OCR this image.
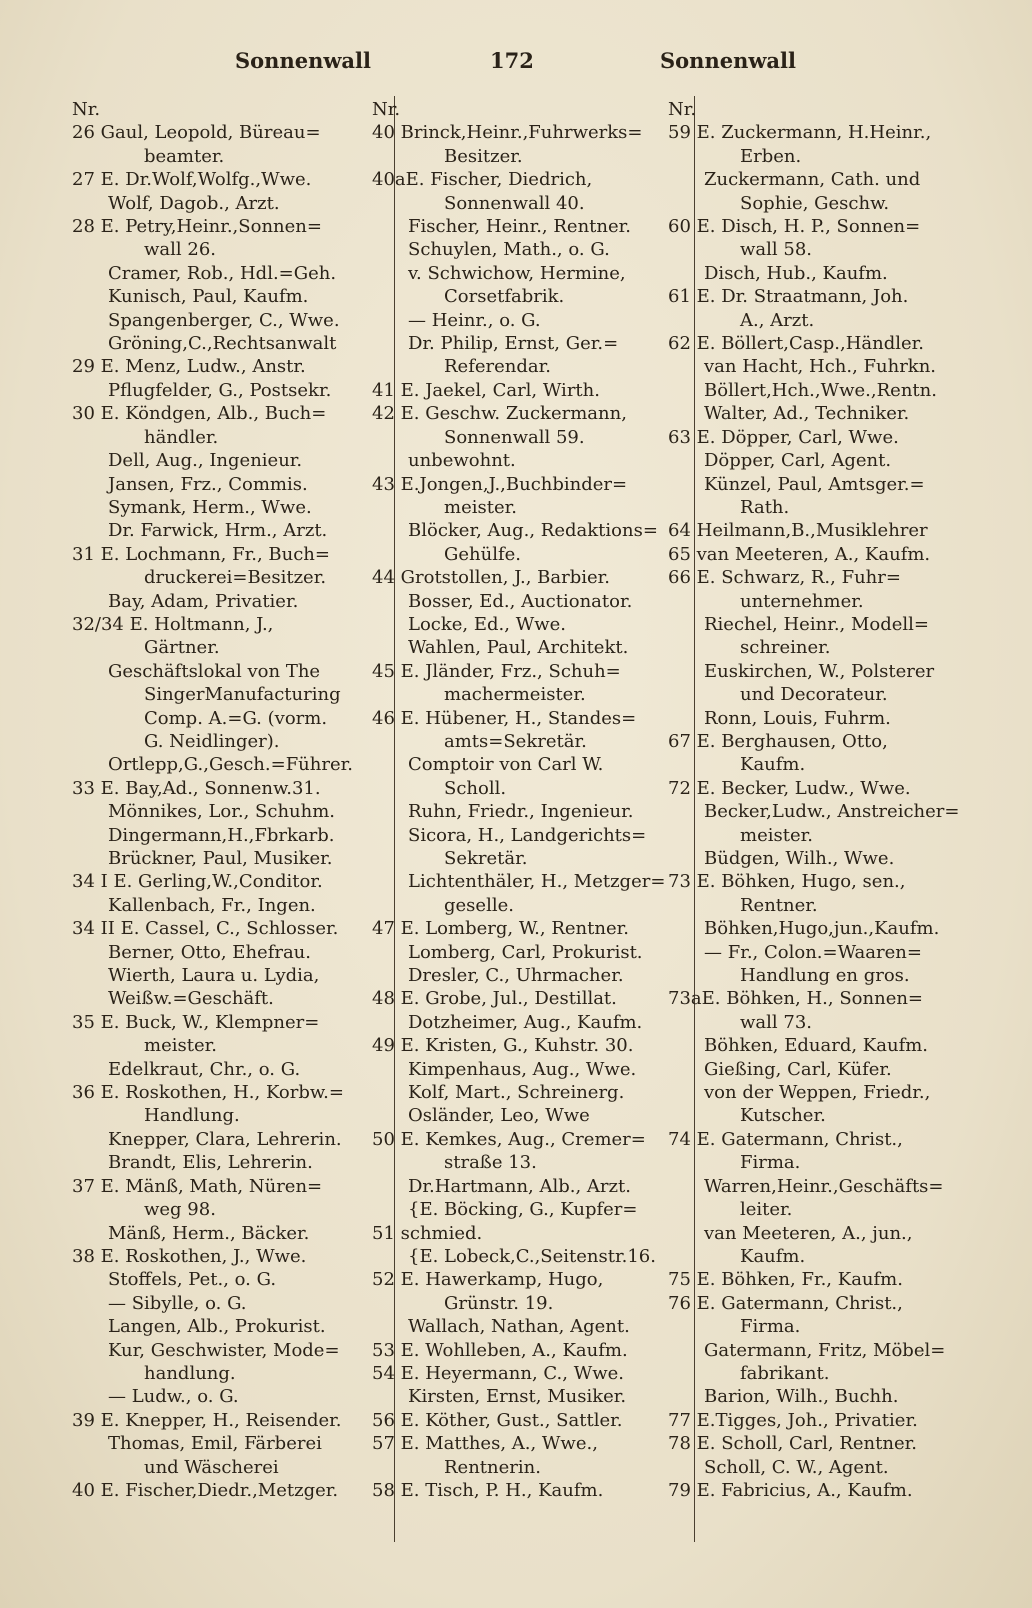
Sonnenwall	172	Sonnenwall
Nr.
26 Gaul, Leopold, Büreau=
beamter.
27 E. Dr.Wolf,Wolfg.,Wwe.
Wolf, Dagob., Arzt.
28 E. Petry,Heinr.,Sonnen=
wall 26.
Cramer, Rob., Hdl.=Geh.
Kunisch, Paul, Kaufm.
Spangenberger, C., Wwe.
Gröning,C.,Rechtsanwalt
29 E. Menz, Ludw., Anstr.
Pflugfelder, G., Postsekr.
30 E. Köndgen, Alb., Buch=
händler.
Dell, Aug., Ingenieur.
Jansen, Frz., Commis.
Symank, Herm., Wwe.
Dr. Farwick, Hrm., Arzt.
31 E. Lochmann, Fr., Buch=
druckerei=Besitzer.
Bay, Adam, Privatier.
32/34 E. Holtmann, J.,
Gärtner.
Geschäftslokal von The
SingerManufacturing
Comp. A.=G. (vorm.
G. Neidlinger).
Ortlepp,G.,Gesch.=Führer.
33 E. Bay,Ad., Sonnenw.31.
Mönnikes, Lor., Schuhm.
Dingermann,H.,Fbrkarb.
Brückner, Paul, Musiker.
34 I E. Gerling,W.,Conditor.
Kallenbach, Fr., Ingen.
34 II E. Cassel, C., Schlosser.
Berner, Otto, Ehefrau.
Wierth, Laura u. Lydia,
Weißw.=Geschäft.
35 E. Buck, W., Klempner=
meister.
Edelkraut, Chr., o. G.
36 E. Roskothen, H., Korbw.=
Handlung.
Knepper, Clara, Lehrerin.
Brandt, Elis, Lehrerin.
37 E. Mänß, Math, Nüren=
weg 98.
Mänß, Herm., Bäcker.
38 E. Roskothen, J., Wwe.
Stoffels, Pet., o. G.
— Sibylle, o. G.
Langen, Alb., Prokurist.
Kur, Geschwister, Mode=
handlung.
— Ludw., o. G.
39 E. Knepper, H., Reisender.
Thomas, Emil, Färberei
und Wäscherei
40 E. Fischer,Diedr.,Metzger.
Nr.
40 Brinck,Heinr.,Fuhrwerks=
Besitzer.
40aE. Fischer, Diedrich,
Sonnenwall 40.
Fischer, Heinr., Rentner.
Schuylen, Math., o. G.
v. Schwichow, Hermine,
Corsetfabrik.
— Heinr., o. G.
Dr. Philip, Ernst, Ger.=
Referendar.
41 E. Jaekel, Carl, Wirth.
42 E. Geschw. Zuckermann,
Sonnenwall 59.
unbewohnt.
43 E.Jongen,J.,Buchbinder=
meister.
Blöcker, Aug., Redaktions=
Gehülfe.
44 Grotstollen, J., Barbier.
Bosser, Ed., Auctionator.
Locke, Ed., Wwe.
Wahlen, Paul, Architekt.
45 E. Jländer, Frz., Schuh=
machermeister.
46 E. Hübener, H., Standes=
amts=Sekretär.
Comptoir von Carl W.
Scholl.
Ruhn, Friedr., Ingenieur.
Sicora, H., Landgerichts=
Sekretär.
Lichtenthäler, H., Metzger=
geselle.
47 E. Lomberg, W., Rentner.
Lomberg, Carl, Prokurist.
Dresler, C., Uhrmacher.
48 E. Grobe, Jul., Destillat.
Dotzheimer, Aug., Kaufm.
49 E. Kristen, G., Kuhstr. 30.
Kimpenhaus, Aug., Wwe.
Kolf, Mart., Schreinerg.
Osländer, Leo, Wwe
50 E. Kemkes, Aug., Cremer=
straße 13.
Dr.Hartmann, Alb., Arzt.
{E. Böcking, G., Kupfer=
51 schmied.
{E. Lobeck,C.,Seitenstr.16.
52 E. Hawerkamp, Hugo,
Grünstr. 19.
Wallach, Nathan, Agent.
53 E. Wohlleben, A., Kaufm.
54 E. Heyermann, C., Wwe.
Kirsten, Ernst, Musiker.
56 E. Köther, Gust., Sattler.
57 E. Matthes, A., Wwe.,
Rentnerin.
58 E. Tisch, P. H., Kaufm.
Nr.
59 E. Zuckermann, H.Heinr.,
Erben.
Zuckermann, Cath. und
Sophie, Geschw.
60 E. Disch, H. P., Sonnen=
wall 58.
Disch, Hub., Kaufm.
61 E. Dr. Straatmann, Joh.
A., Arzt.
62 E. Böllert,Casp.,Händler.
van Hacht, Hch., Fuhrkn.
Böllert,Hch.,Wwe.,Rentn.
Walter, Ad., Techniker.
63 E. Döpper, Carl, Wwe.
Döpper, Carl, Agent.
Künzel, Paul, Amtsger.=
Rath.
64 Heilmann,B.,Musiklehrer
65 van Meeteren, A., Kaufm.
66 E. Schwarz, R., Fuhr=
unternehmer.
Riechel, Heinr., Modell=
schreiner.
Euskirchen, W., Polsterer
und Decorateur.
Ronn, Louis, Fuhrm.
67 E. Berghausen, Otto,
Kaufm.
72 E. Becker, Ludw., Wwe.
Becker,Ludw., Anstreicher=
meister.
Büdgen, Wilh., Wwe.
73 E. Böhken, Hugo, sen.,
Rentner.
Böhken,Hugo,jun.,Kaufm.
— Fr., Colon.=Waaren=
Handlung en gros.
73aE. Böhken, H., Sonnen=
wall 73.
Böhken, Eduard, Kaufm.
Gießing, Carl, Küfer.
von der Weppen, Friedr.,
Kutscher.
74 E. Gatermann, Christ.,
Firma.
Warren,Heinr.,Geschäfts=
leiter.
van Meeteren, A., jun.,
Kaufm.
75 E. Böhken, Fr., Kaufm.
76 E. Gatermann, Christ.,
Firma.
Gatermann, Fritz, Möbel=
fabrikant.
Barion, Wilh., Buchh.
77 E.Tigges, Joh., Privatier.
78 E. Scholl, Carl, Rentner.
Scholl, C. W., Agent.
79 E. Fabricius, A., Kaufm.
